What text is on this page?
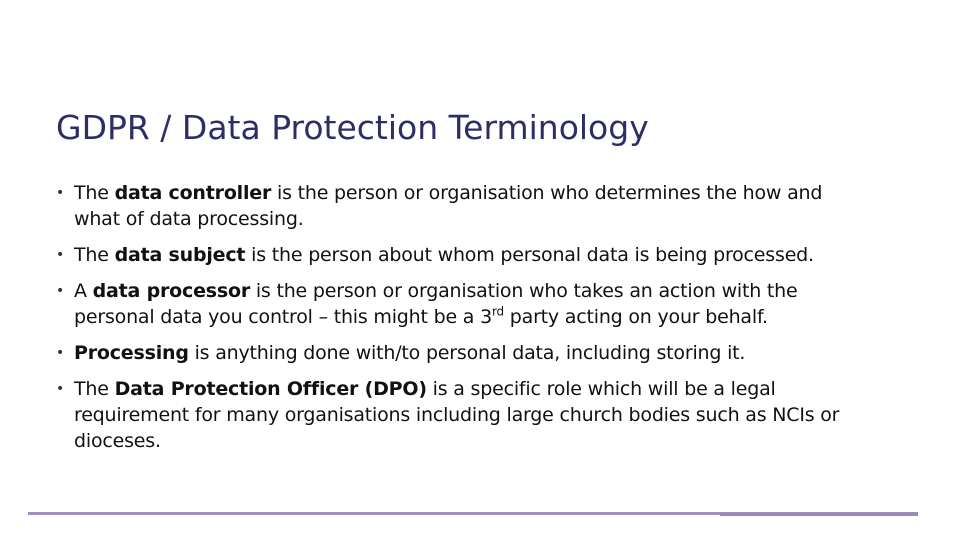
GDPR / Data Protection Terminology
• The data controller is the person or organisation who determines the how and what of data processing.
• The data subject is the person about whom personal data is being processed.
• A data processor is the person or organisation who takes an action with the personal data you control – this might be a 3rd party acting on your behalf.
• Processing is anything done with/to personal data, including storing it.
• The Data Protection Officer (DPO) is a specific role which will be a legal requirement for many organisations including large church bodies such as NCIs or dioceses.
